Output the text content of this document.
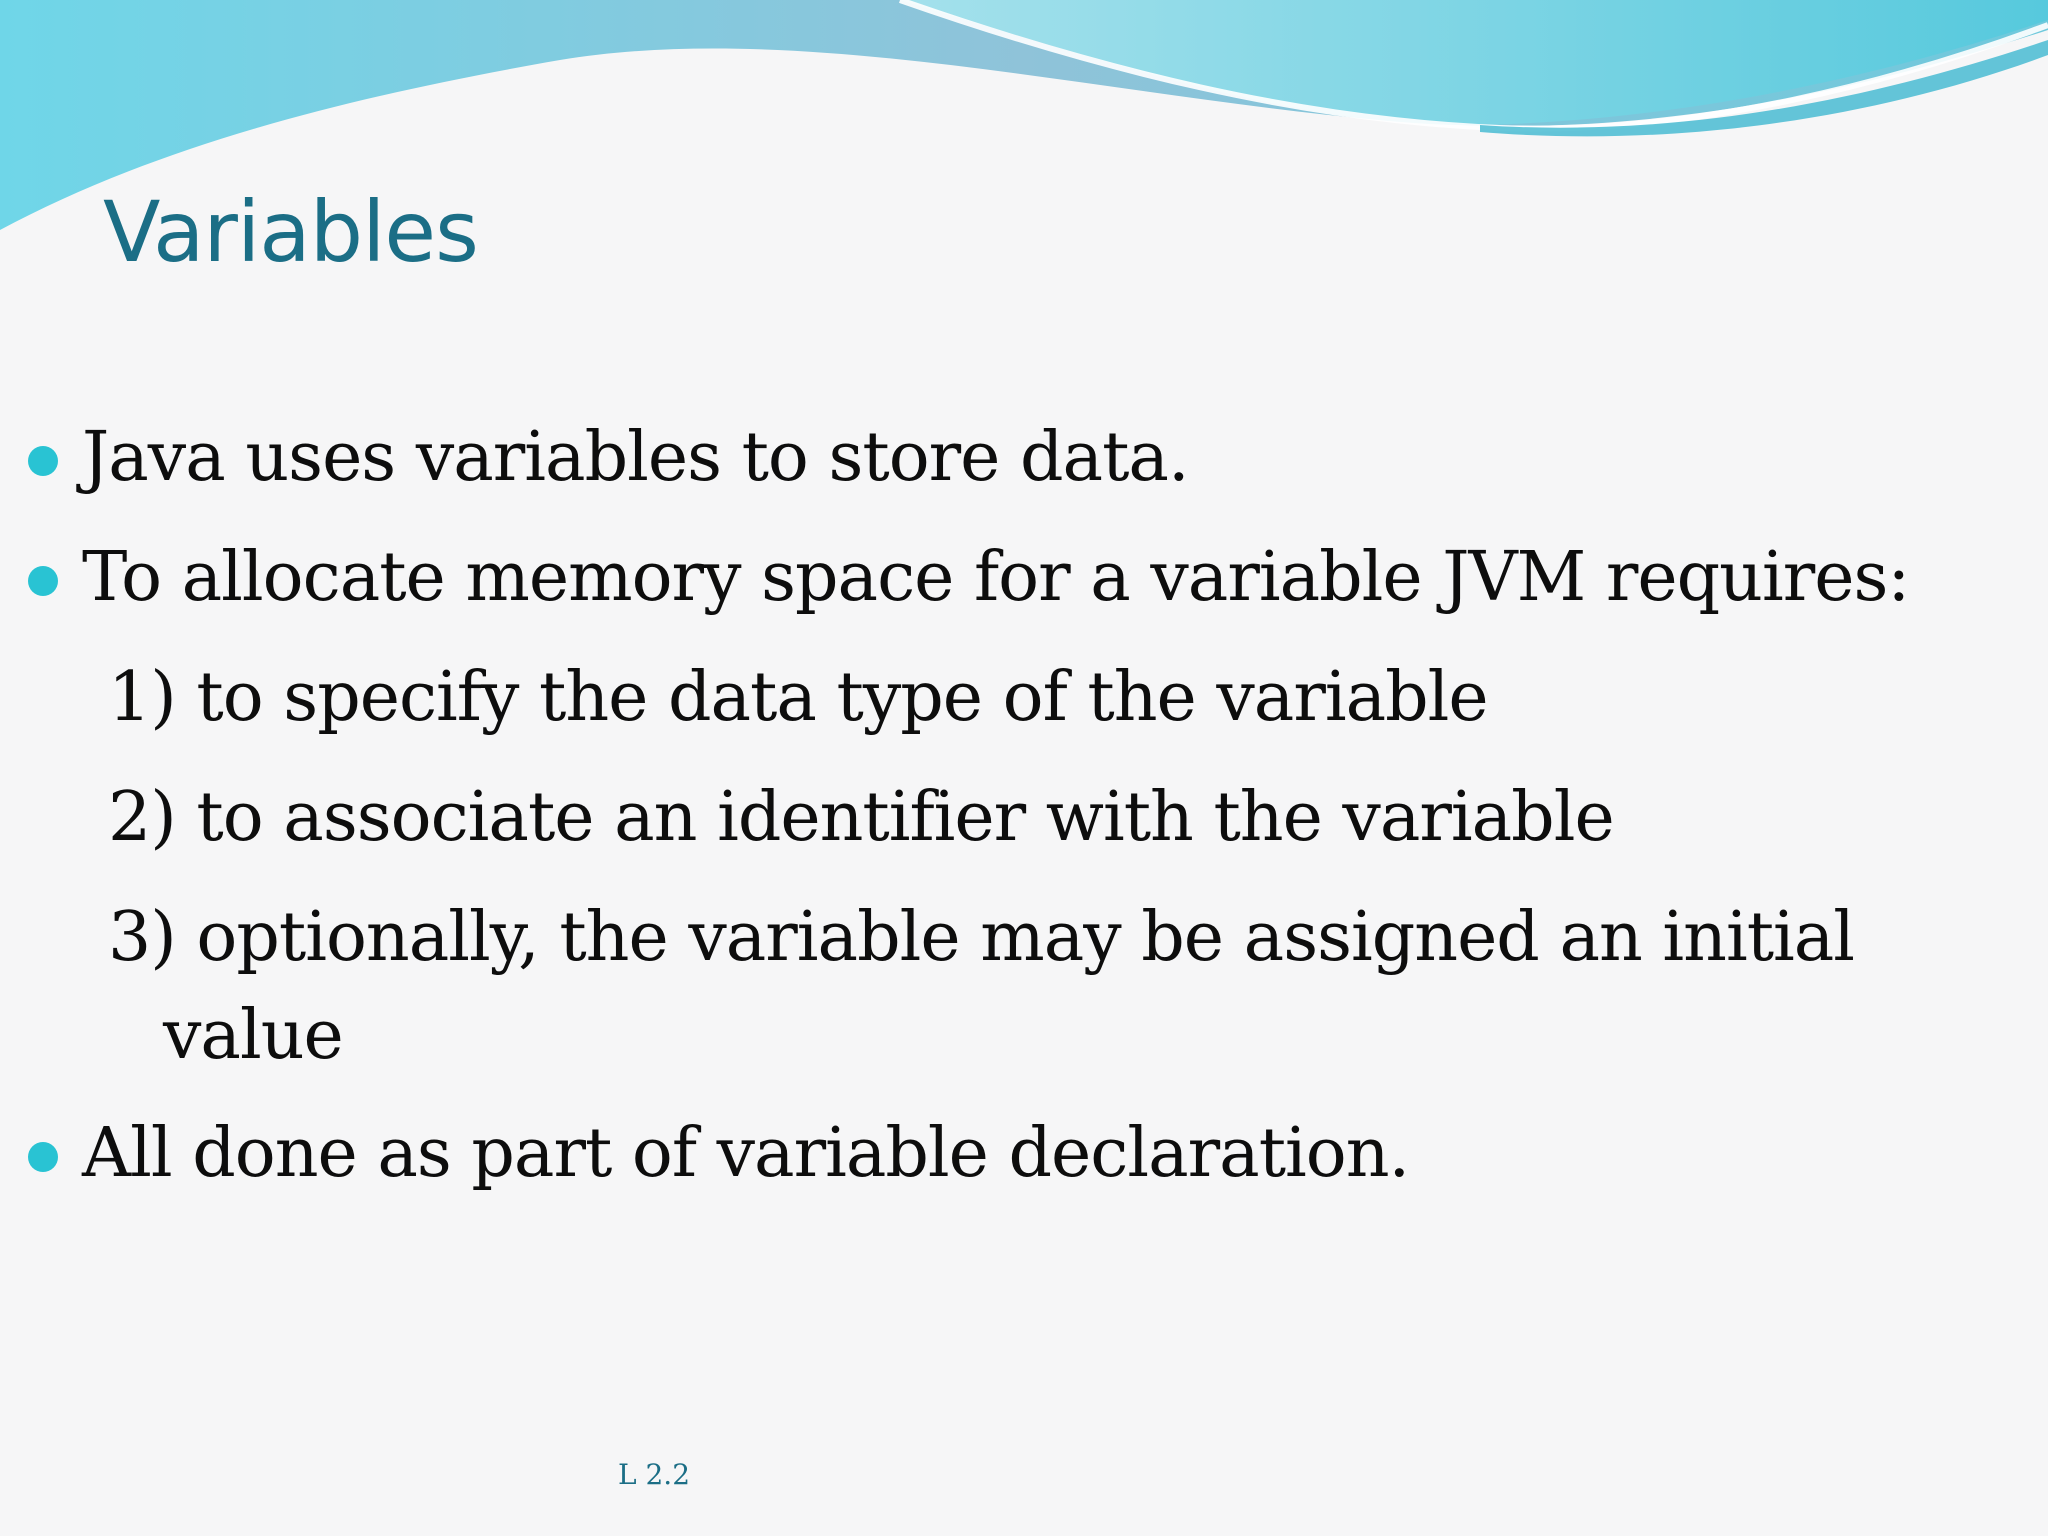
Variables
Java uses variables to store data.
To allocate memory space for a variable JVM requires:
1) to specify the data type of the variable
2) to associate an identifier with the variable
3) optionally, the variable may be assigned an initial
value
All done as part of variable declaration.
L 2.2
